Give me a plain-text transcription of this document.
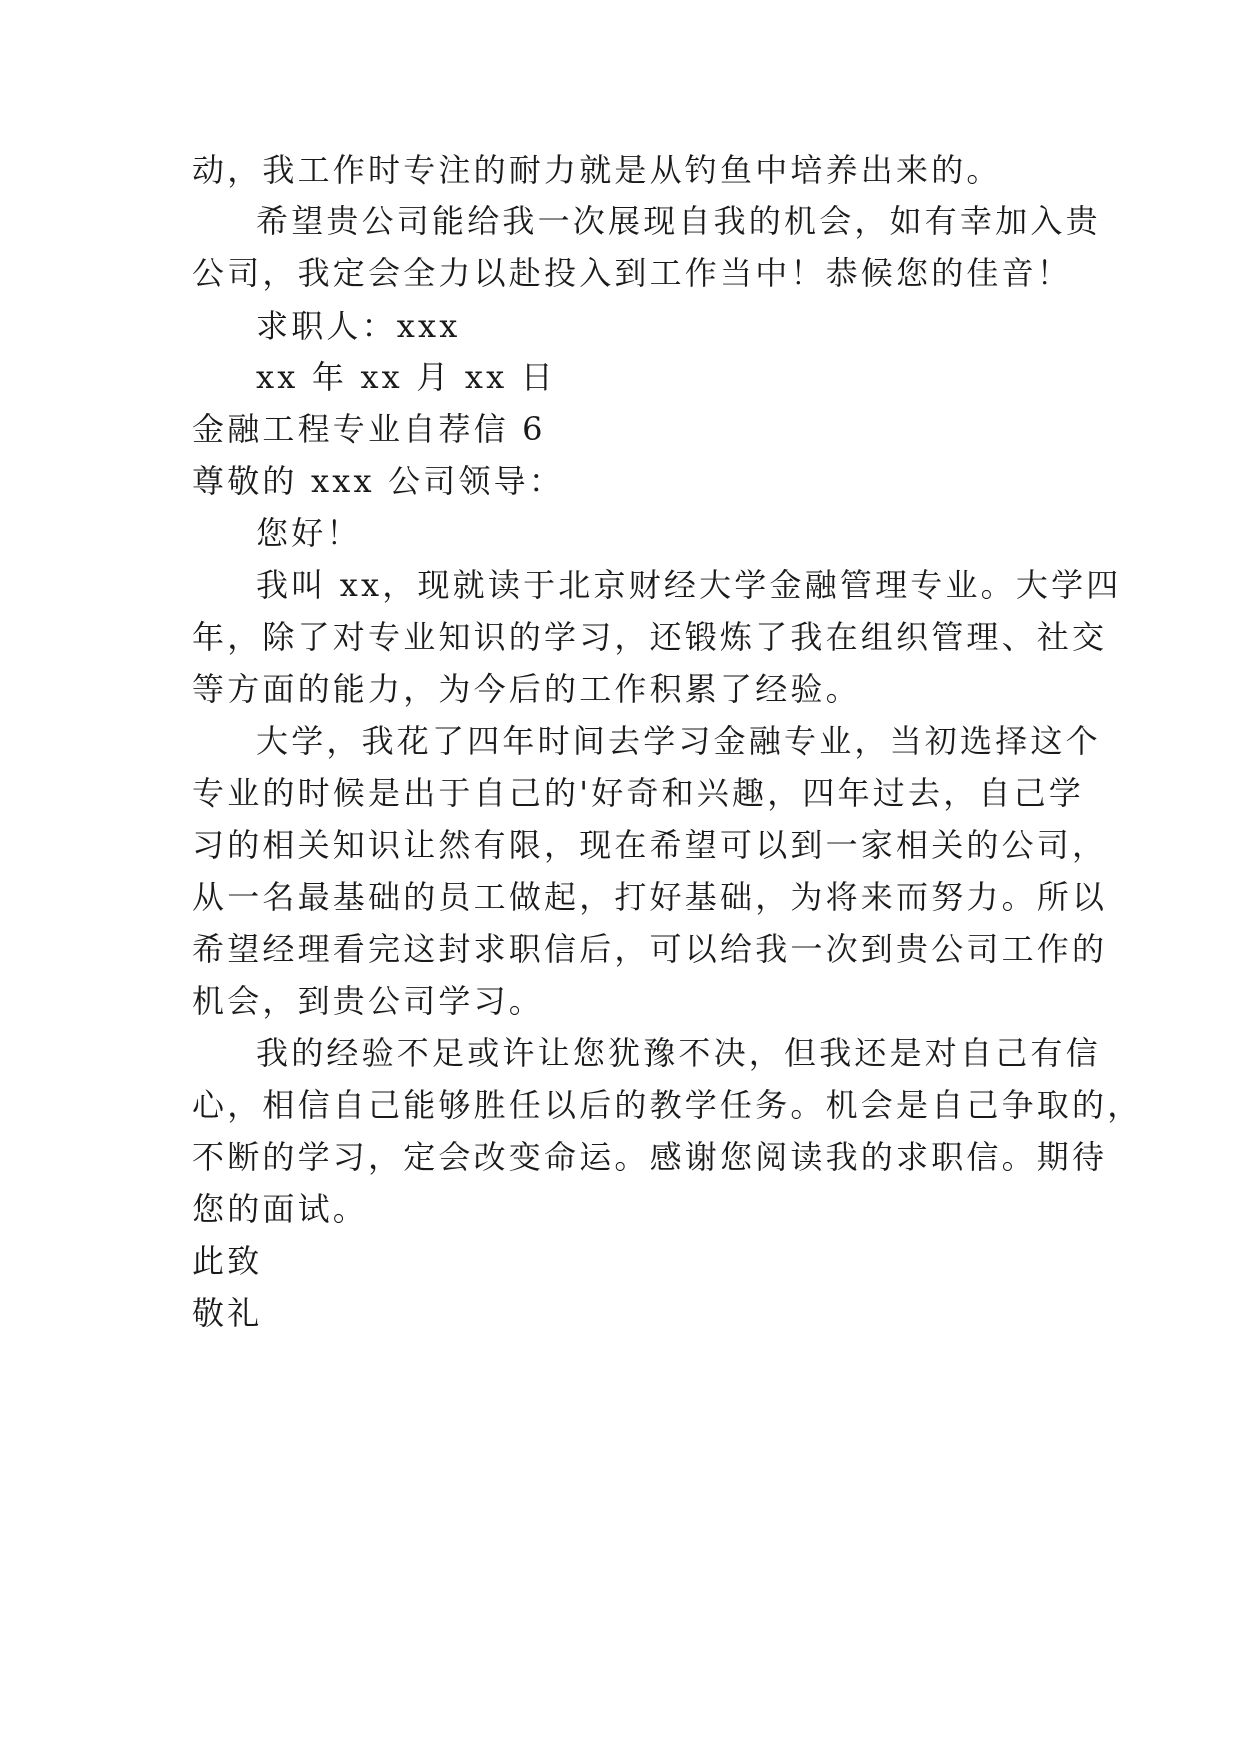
动，我工作时专注的耐力就是从钓鱼中培养出来的。
希望贵公司能给我一次展现自我的机会，如有幸加入贵
公司，我定会全力以赴投入到工作当中！恭候您的佳音！
求职人：xxx
xx 年 xx 月 xx 日
金融工程专业自荐信 6
尊敬的 xxx 公司领导：
您好！
我叫 xx，现就读于北京财经大学金融管理专业。大学四
年，除了对专业知识的学习，还锻炼了我在组织管理、社交
等方面的能力，为今后的工作积累了经验。
大学，我花了四年时间去学习金融专业，当初选择这个
专业的时候是出于自己的'好奇和兴趣，四年过去，自己学
习的相关知识让然有限，现在希望可以到一家相关的公司，
从一名最基础的员工做起，打好基础，为将来而努力。所以
希望经理看完这封求职信后，可以给我一次到贵公司工作的
机会，到贵公司学习。
我的经验不足或许让您犹豫不决，但我还是对自己有信
心，相信自己能够胜任以后的教学任务。机会是自己争取的，
不断的学习，定会改变命运。感谢您阅读我的求职信。期待
您的面试。
此致
敬礼
